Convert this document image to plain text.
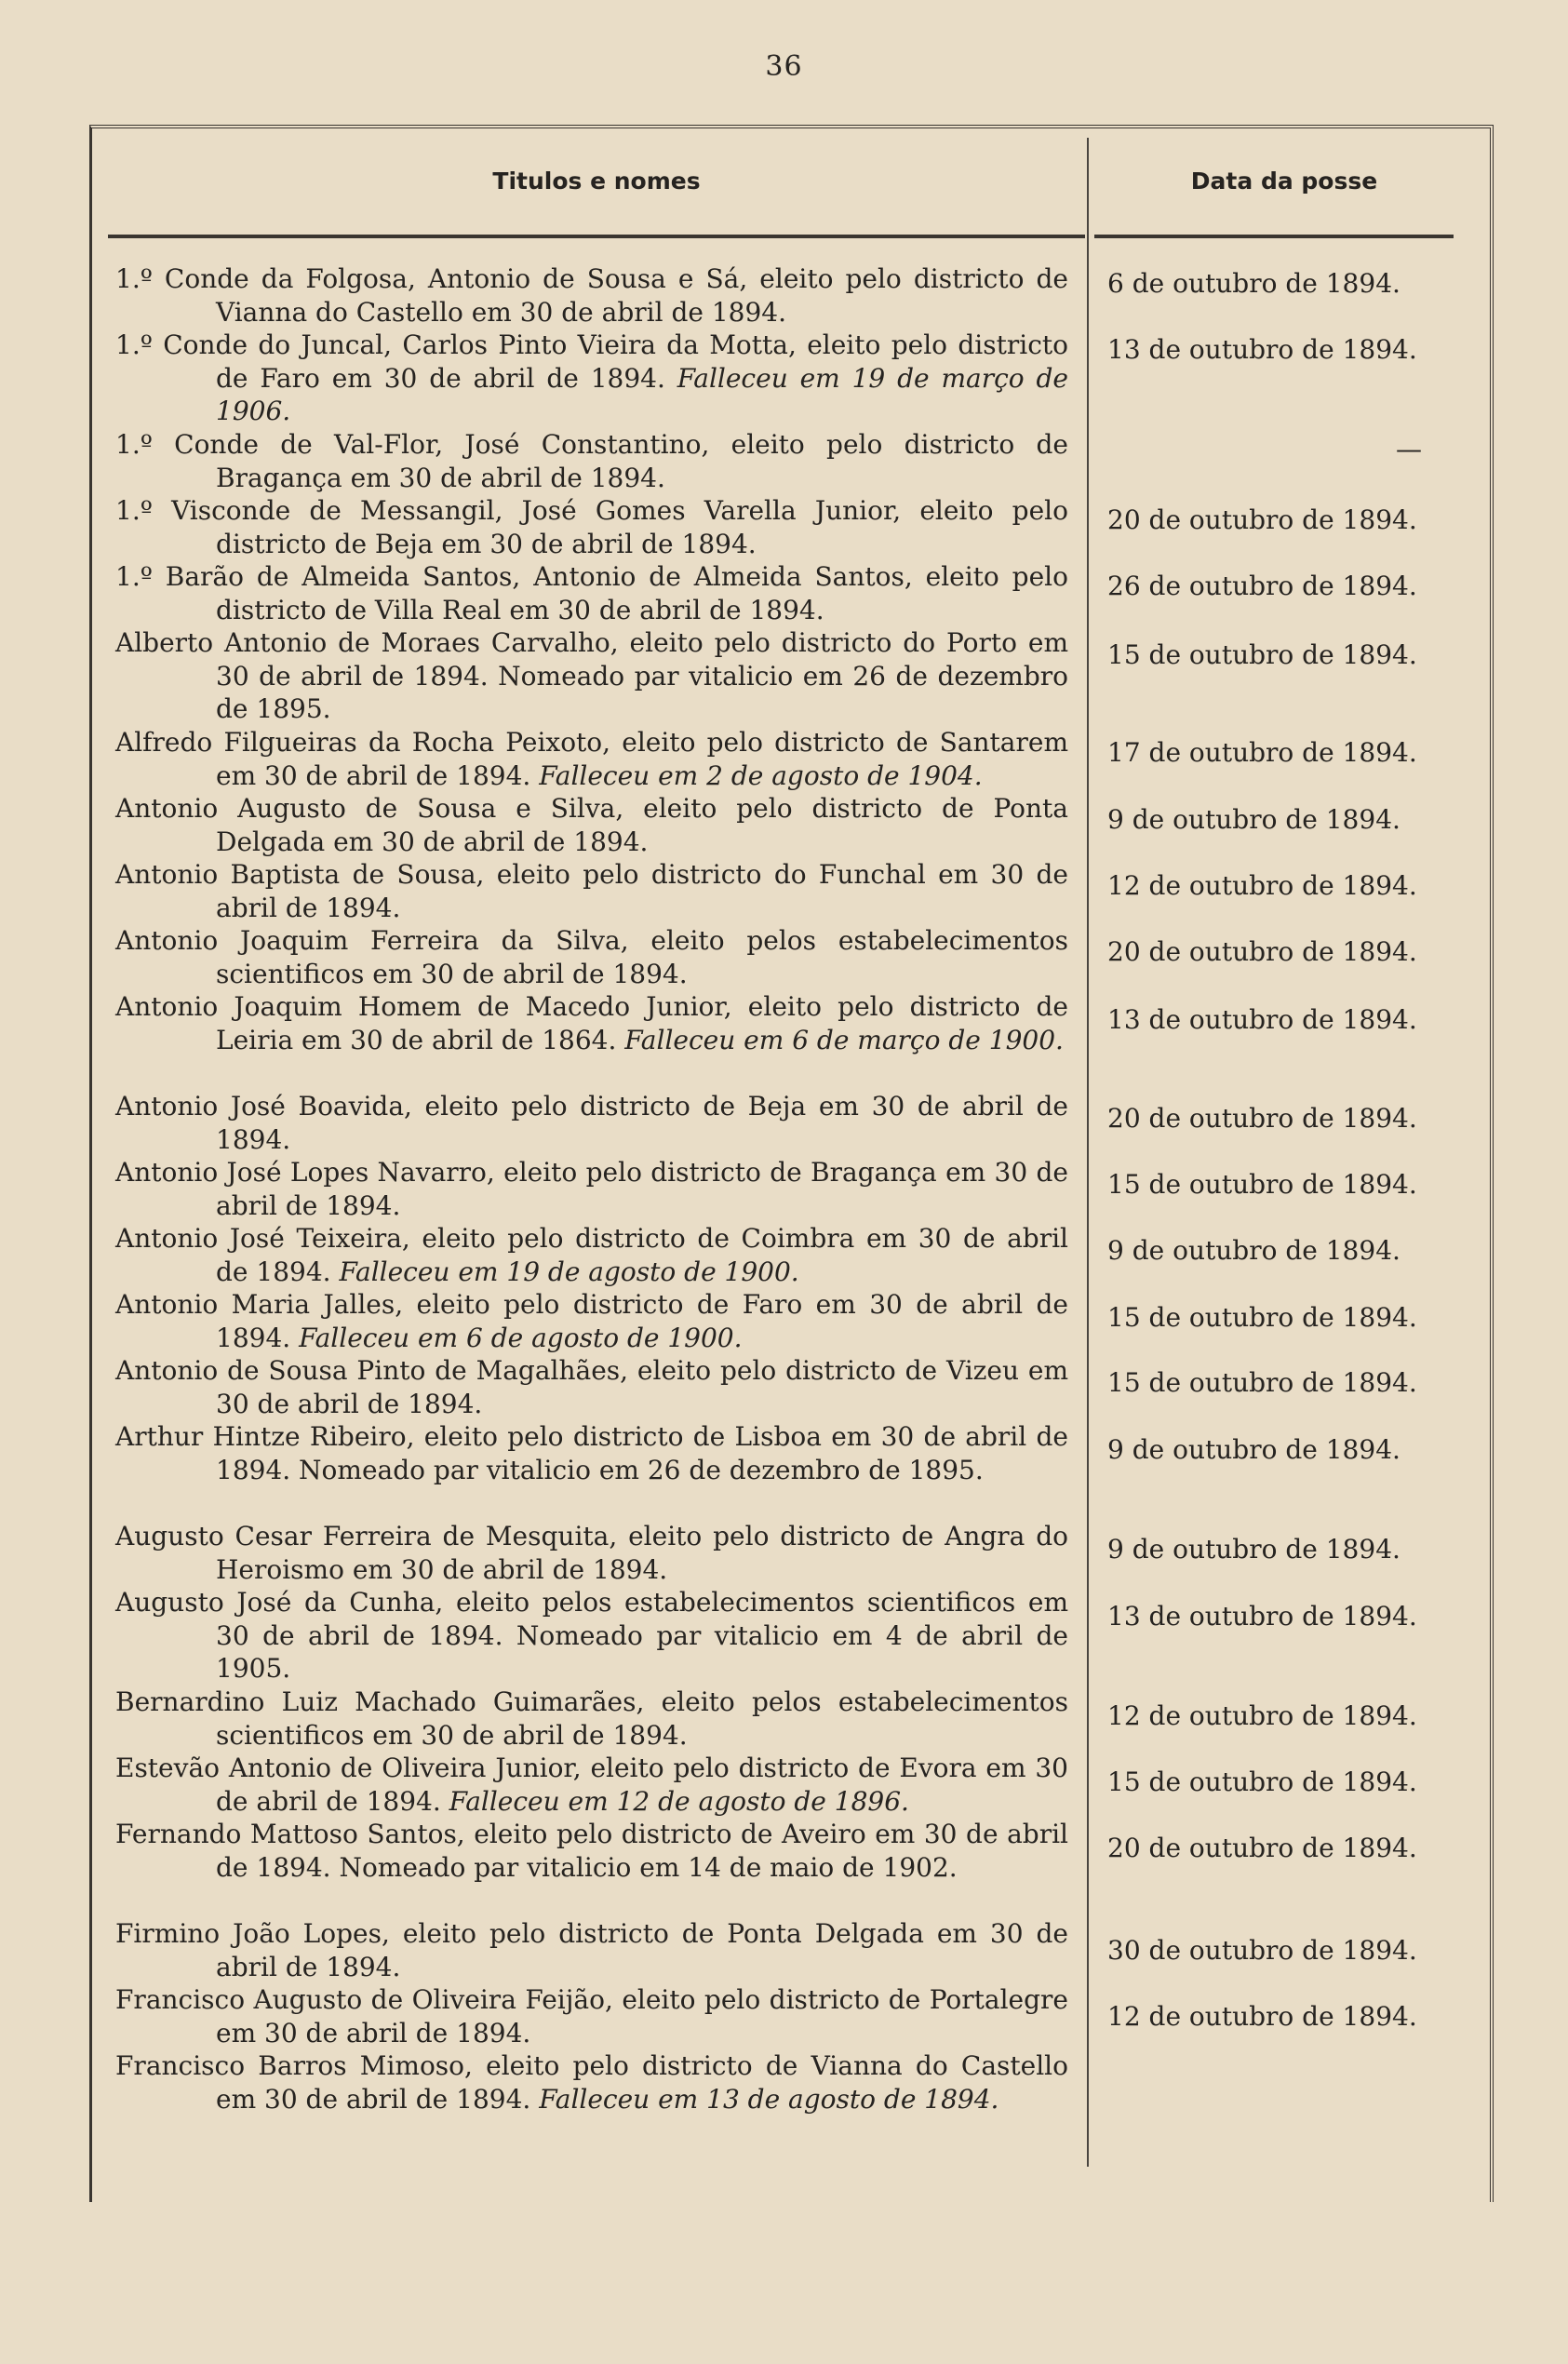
36
Titulos e nomes	Data da posse
1.º Conde da Folgosa, Antonio de Sousa e Sá, eleito pelo districto de Vianna do Castello em 30 de abril de 1894.
6 de outubro de 1894.
1.º Conde do Juncal, Carlos Pinto Vieira da Motta, eleito pelo districto de Faro em 30 de abril de 1894. Falleceu em 19 de março de 1906.
13 de outubro de 1894.
1.º Conde de Val-Flor, José Constantino, eleito pelo districto de Bragança em 30 de abril de 1894.
—
1.º Visconde de Messangil, José Gomes Varella Junior, eleito pelo districto de Beja em 30 de abril de 1894.
20 de outubro de 1894.
1.º Barão de Almeida Santos, Antonio de Almeida Santos, eleito pelo districto de Villa Real em 30 de abril de 1894.
26 de outubro de 1894.
Alberto Antonio de Moraes Carvalho, eleito pelo districto do Porto em 30 de abril de 1894. Nomeado par vitalicio em 26 de dezembro de 1895.
15 de outubro de 1894.
Alfredo Filgueiras da Rocha Peixoto, eleito pelo districto de Santarem em 30 de abril de 1894. Falleceu em 2 de agosto de 1904.
17 de outubro de 1894.
Antonio Augusto de Sousa e Silva, eleito pelo districto de Ponta Delgada em 30 de abril de 1894.
9 de outubro de 1894.
Antonio Baptista de Sousa, eleito pelo districto do Funchal em 30 de abril de 1894.
12 de outubro de 1894.
Antonio Joaquim Ferreira da Silva, eleito pelos estabelecimentos scientificos em 30 de abril de 1894.
20 de outubro de 1894.
Antonio Joaquim Homem de Macedo Junior, eleito pelo districto de Leiria em 30 de abril de 1864. Falleceu em 6 de março de 1900.
13 de outubro de 1894.
Antonio José Boavida, eleito pelo districto de Beja em 30 de abril de 1894.
20 de outubro de 1894.
Antonio José Lopes Navarro, eleito pelo districto de Bragança em 30 de abril de 1894.
15 de outubro de 1894.
Antonio José Teixeira, eleito pelo districto de Coimbra em 30 de abril de 1894. Falleceu em 19 de agosto de 1900.
9 de outubro de 1894.
Antonio Maria Jalles, eleito pelo districto de Faro em 30 de abril de 1894. Falleceu em 6 de agosto de 1900.
15 de outubro de 1894.
Antonio de Sousa Pinto de Magalhães, eleito pelo districto de Vizeu em 30 de abril de 1894.
15 de outubro de 1894.
Arthur Hintze Ribeiro, eleito pelo districto de Lisboa em 30 de abril de 1894. Nomeado par vitalicio em 26 de dezembro de 1895.
9 de outubro de 1894.
Augusto Cesar Ferreira de Mesquita, eleito pelo districto de Angra do Heroismo em 30 de abril de 1894.
9 de outubro de 1894.
Augusto José da Cunha, eleito pelos estabelecimentos scientificos em 30 de abril de 1894. Nomeado par vitalicio em 4 de abril de 1905.
13 de outubro de 1894.
Bernardino Luiz Machado Guimarães, eleito pelos estabelecimentos scientificos em 30 de abril de 1894.
12 de outubro de 1894.
Estevão Antonio de Oliveira Junior, eleito pelo districto de Evora em 30 de abril de 1894. Falleceu em 12 de agosto de 1896.
15 de outubro de 1894.
Fernando Mattoso Santos, eleito pelo districto de Aveiro em 30 de abril de 1894. Nomeado par vitalicio em 14 de maio de 1902.
20 de outubro de 1894.
Firmino João Lopes, eleito pelo districto de Ponta Delgada em 30 de abril de 1894.
30 de outubro de 1894.
Francisco Augusto de Oliveira Feijão, eleito pelo districto de Portalegre em 30 de abril de 1894.
12 de outubro de 1894.
Francisco Barros Mimoso, eleito pelo districto de Vianna do Castello em 30 de abril de 1894. Falleceu em 13 de agosto de 1894.
